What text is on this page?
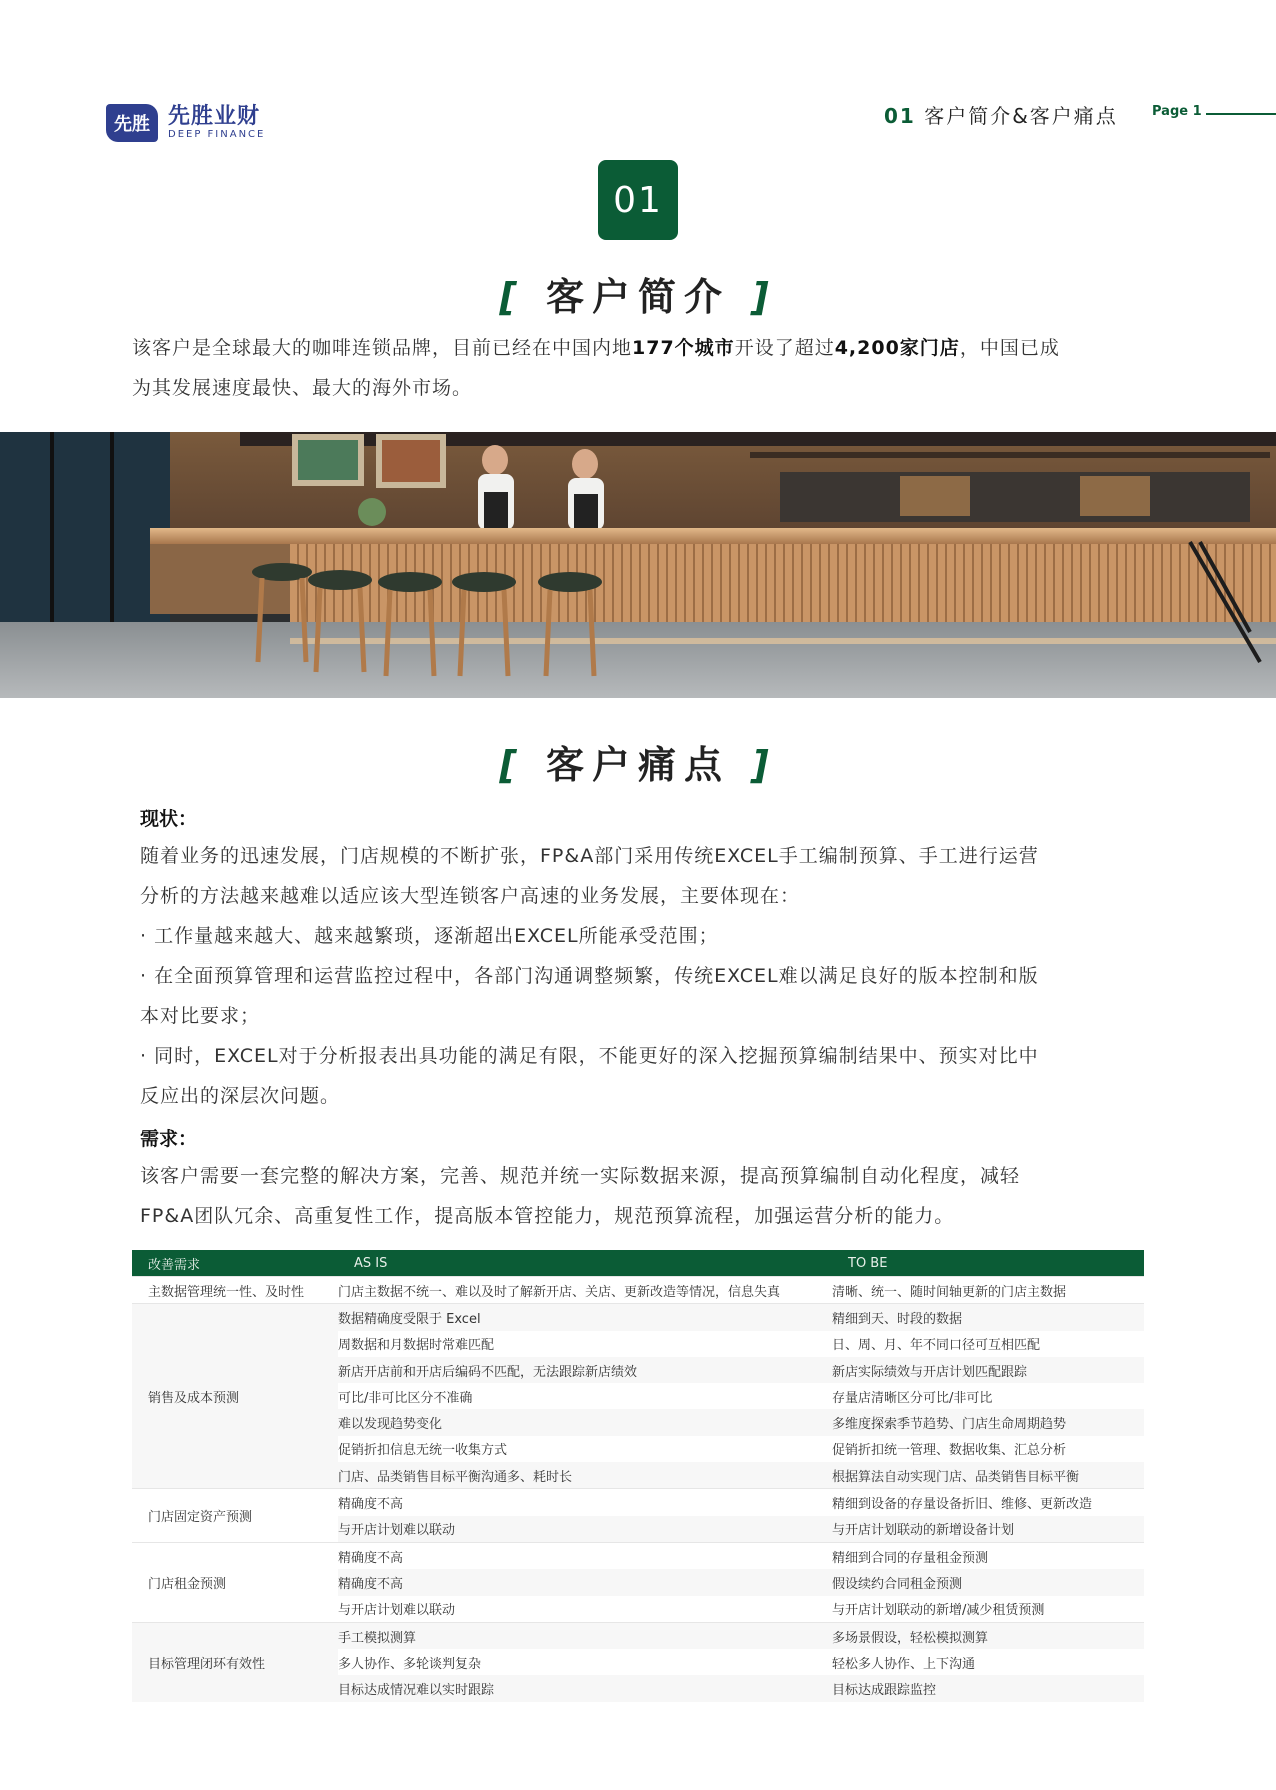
先胜 先胜业财
DEEP FINANCE
01 客户简介&客户痛点	Page 1
01
[ 客户简介 ]
该客户是全球最大的咖啡连锁品牌，目前已经在中国内地177个城市开设了超过4,200家门店，中国已成
为其发展速度最快、最大的海外市场。
[ 客户痛点 ]
现状：
随着业务的迅速发展，门店规模的不断扩张，FP&A部门采用传统EXCEL手工编制预算、手工进行运营
分析的方法越来越难以适应该大型连锁客户高速的业务发展，主要体现在：
· 工作量越来越大、越来越繁琐，逐渐超出EXCEL所能承受范围；
· 在全面预算管理和运营监控过程中，各部门沟通调整频繁，传统EXCEL难以满足良好的版本控制和版
本对比要求；
· 同时，EXCEL对于分析报表出具功能的满足有限，不能更好的深入挖掘预算编制结果中、预实对比中
反应出的深层次问题。
需求：
该客户需要一套完整的解决方案，完善、规范并统一实际数据来源，提高预算编制自动化程度，减轻
FP&A团队冗余、高重复性工作，提高版本管控能力，规范预算流程，加强运营分析的能力。
改善需求	AS IS	TO BE
主数据管理统一性、及时性	门店主数据不统一、难以及时了解新开店、关店、更新改造等情况，信息失真	清晰、统一、随时间轴更新的门店主数据
销售及成本预测	数据精确度受限于 Excel	精细到天、时段的数据
	周数据和月数据时常难匹配	日、周、月、年不同口径可互相匹配
	新店开店前和开店后编码不匹配，无法跟踪新店绩效	新店实际绩效与开店计划匹配跟踪
	可比/非可比区分不准确	存量店清晰区分可比/非可比
	难以发现趋势变化	多维度探索季节趋势、门店生命周期趋势
	促销折扣信息无统一收集方式	促销折扣统一管理、数据收集、汇总分析
	门店、品类销售目标平衡沟通多、耗时长	根据算法自动实现门店、品类销售目标平衡
门店固定资产预测	精确度不高	精细到设备的存量设备折旧、维修、更新改造
	与开店计划难以联动	与开店计划联动的新增设备计划
门店租金预测	精确度不高	精细到合同的存量租金预测
	精确度不高	假设续约合同租金预测
	与开店计划难以联动	与开店计划联动的新增/减少租赁预测
目标管理闭环有效性	手工模拟测算	多场景假设，轻松模拟测算
	多人协作、多轮谈判复杂	轻松多人协作、上下沟通
	目标达成情况难以实时跟踪	目标达成跟踪监控
